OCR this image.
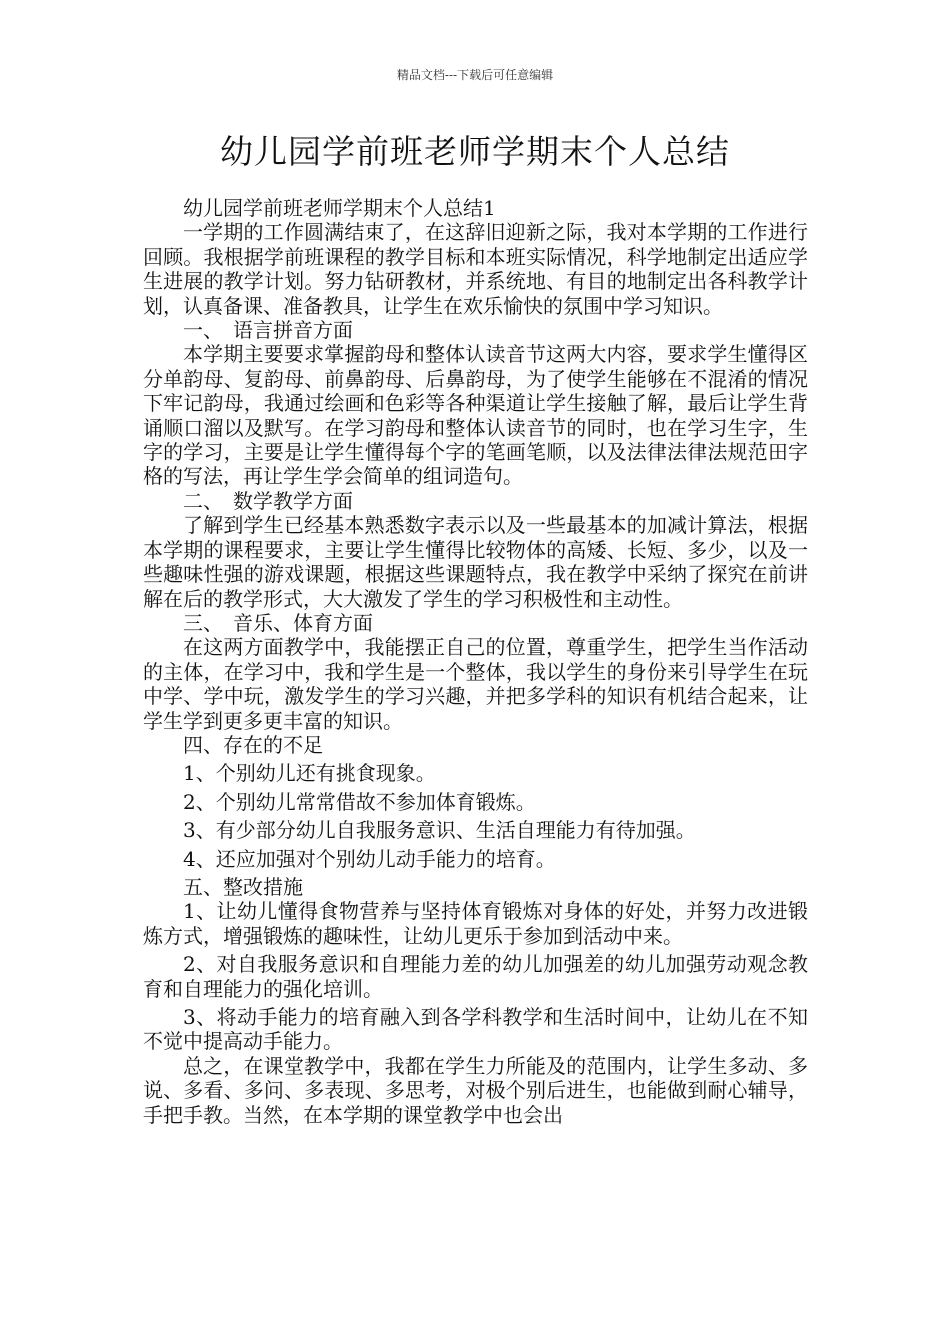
精品文档---下载后可任意编辑
幼儿园学前班老师学期末个人总结

幼儿园学前班老师学期末个人总结1

一学期的工作圆满结束了，在这辞旧迎新之际，我对本学期的工作进行回顾。我根据学前班课程的教学目标和本班实际情况，科学地制定出适应学生进展的教学计划。努力钻研教材，并系统地、有目的地制定出各科教学计划，认真备课、准备教具，让学生在欢乐愉快的氛围中学习知识。

一、　语言拼音方面

本学期主要要求掌握韵母和整体认读音节这两大内容，要求学生懂得区分单韵母、复韵母、前鼻韵母、后鼻韵母，为了使学生能够在不混淆的情况下牢记韵母，我通过绘画和色彩等各种渠道让学生接触了解，最后让学生背诵顺口溜以及默写。在学习韵母和整体认读音节的同时，也在学习生字，生字的学习，主要是让学生懂得每个字的笔画笔顺，以及法律法律法规范田字格的写法，再让学生学会简单的组词造句。

二、　数学教学方面

了解到学生已经基本熟悉数字表示以及一些最基本的加减计算法，根据本学期的课程要求，主要让学生懂得比较物体的高矮、长短、多少，以及一些趣味性强的游戏课题，根据这些课题特点，我在教学中采纳了探究在前讲解在后的教学形式，大大激发了学生的学习积极性和主动性。

三、　音乐、体育方面

在这两方面教学中，我能摆正自己的位置，尊重学生，把学生当作活动的主体，在学习中，我和学生是一个整体，我以学生的身份来引导学生在玩中学、学中玩，激发学生的学习兴趣，并把多学科的知识有机结合起来，让学生学到更多更丰富的知识。

四、存在的不足

1、个别幼儿还有挑食现象。

2、个别幼儿常常借故不参加体育锻炼。

3、有少部分幼儿自我服务意识、生活自理能力有待加强。

4、还应加强对个别幼儿动手能力的培育。

五、整改措施

1、让幼儿懂得食物营养与坚持体育锻炼对身体的好处，并努力改进锻炼方式，增强锻炼的趣味性，让幼儿更乐于参加到活动中来。

2、对自我服务意识和自理能力差的幼儿加强差的幼儿加强劳动观念教育和自理能力的强化培训。

3、将动手能力的培育融入到各学科教学和生活时间中，让幼儿在不知不觉中提高动手能力。

总之，在课堂教学中，我都在学生力所能及的范围内，让学生多动、多说、多看、多问、多表现、多思考，对极个别后进生，也能做到耐心辅导，手把手教。当然，在本学期的课堂教学中也会出
